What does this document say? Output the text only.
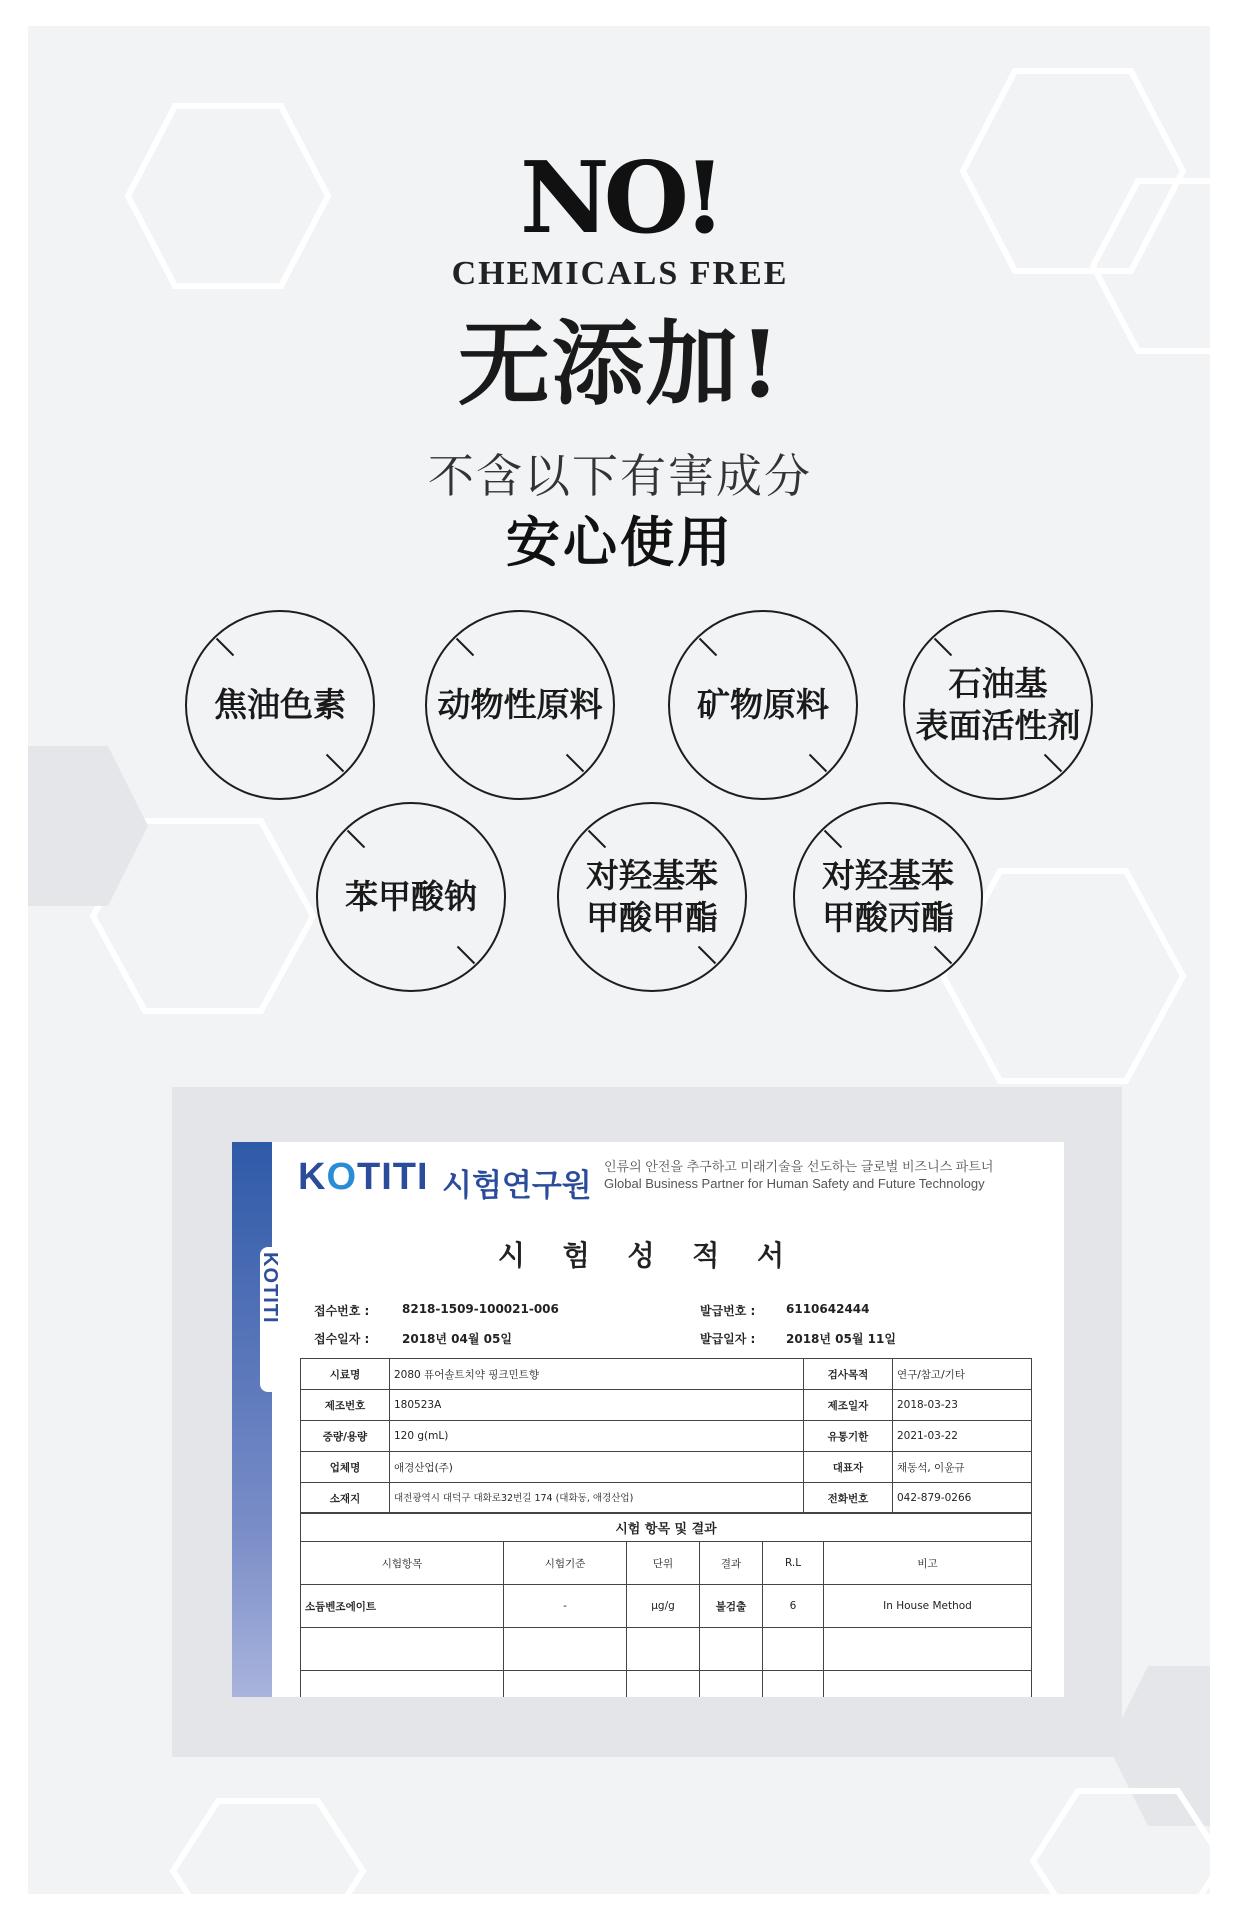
NO!
CHEMICALS FREE
无添加!
不含以下有害成分
安心使用
焦油色素	动物性原料	矿物原料
石油基
表面活性剂
苯甲酸钠
对羟基苯
甲酸甲酯
对羟基苯
甲酸丙酯
KOTITI
KOTITI 시험연구원
인류의 안전을 추구하고 미래기술을 선도하는 글로벌 비즈니스 파트너
Global Business Partner for Human Safety and Future Technology
시 험 성 적 서
접수번호 :	8218-1509-100021-006
접수일자 :	2018년 04월 05일
발급번호 :	6110642444
발급일자 :	2018년 05월 11일
시료명	2080 퓨어솔트치약 핑크민트향	검사목적	연구/참고/기타
제조번호	180523A	제조일자	2018-03-23
중량/용량	120 g(mL)	유통기한	2021-03-22
업체명	애경산업(주)	대표자	채동석, 이윤규
소재지	대전광역시 대덕구 대화로32번길 174 (대화동, 애경산업)	전화번호	042-879-0266
시험 항목 및 결과					
시험항목	시험기준	단위	결과	R.L	비고
소듐벤조에이트	-	μg/g	불검출	6	In House Method
